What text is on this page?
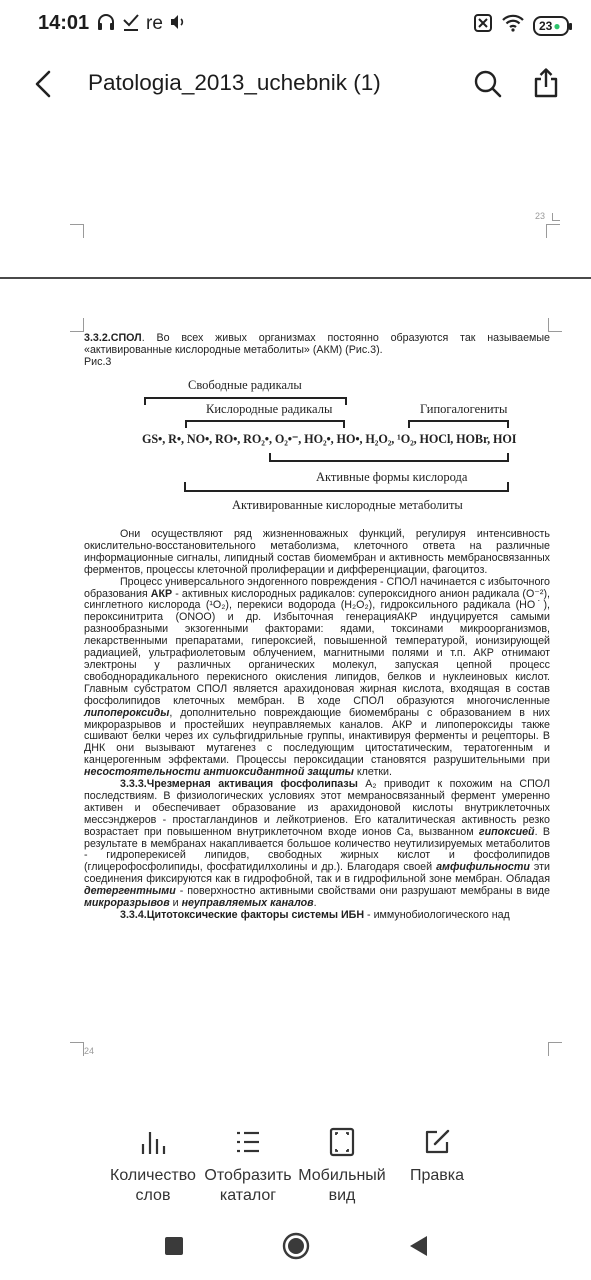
14:01	re	23 ●
Patologia_2013_uchebnik (1)
23

3.3.2.СПОЛ. Во всех живых организмах постоянно образуются так называемые «активированные кислородные метаболиты» (АКМ) (Рис.3).

Рис.3

Свободные радикалы
Кислородные радикалы	Гипогалогениты
GS•, R•, NO•, RO•, RO₂•, O₂•⁻, HO₂•, HO•, H₂O₂, ¹O₂, HOCl, HOBr, HOI
Активные формы кислорода
Активированные кислородные метаболиты

Они осуществляют ряд жизненноважных функций, регулируя интенсивность окислительно-восстановительного метаболизма, клеточного ответа на различные информационные сигналы, липидный состав биомембран и активность мембраносвязанных ферментов, процессы клеточной пролиферации и дифференциации, фагоцитоз.

Процесс универсального эндогенного повреждения - СПОЛ начинается с избыточного образования АКР - активных кислородных радикалов: супероксидного анион радикала (O⁻²), синглетного кислорода (¹O₂), перекиси водорода (H₂O₂), гидроксильного радикала (HO˙), пероксинитрита (ONOO) и др. Избыточная генерацияАКР индуцируется самыми разнообразными экзогенными факторами: ядами, токсинами микроорганизмов, лекарственными препаратами, гипероксией, повышенной температурой, ионизирующей радиацией, ультрафиолетовым облучением, магнитными полями и т.п. АКР отнимают электроны у различных органических молекул, запуская цепной процесс свободнорадикального перекисного окисления липидов, белков и нуклеиновых кислот. Главным субстратом СПОЛ является арахидоновая жирная кислота, входящая в состав фосфолипидов клеточных мембран. В ходе СПОЛ образуются многочисленные липопероксиды, дополнительно повреждающие биомембраны с образованием в них микроразрывов и простейших неуправляемых каналов. АКР и липопероксиды также сшивают белки через их сульфгидрильные группы, инактивируя ферменты и рецепторы. В ДНК они вызывают мутагенез с последующим цитостатическим, тератогенным и канцерогенным эффектами. Процессы пероксидации становятся разрушительными при несостоятельности антиоксидантной защиты клетки.

3.3.3.Чрезмерная активация фосфолипазы A₂ приводит к похожим на СПОЛ последствиям. В физиологических условиях этот мемраносвязанный фермент умеренно активен и обеспечивает образование из арахидоновой кислоты внутриклеточных мессэнджеров - простагландинов и лейкотриенов. Его каталитическая активность резко возрастает при повышенном внутриклеточном входе ионов Ca, вызванном гипоксией. В результате в мембранах накапливается большое количество неутилизируемых метаболитов - гидроперекисей липидов, свободных жирных кислот и фосфолипидов (глицерофосфолипиды, фосфатидилхолины и др.). Благодаря своей амфифильности эти соединения фиксируются как в гидрофобной, так и в гидрофильной зоне мембран. Обладая детергентными - поверхностно активными свойствами они разрушают мембраны в виде микроразрывов и неуправляемых каналов.

3.3.4.Цитотоксические факторы системы ИБН - иммунобиологического над

24
Количество слов
Отобразить каталог
Мобильный вид
Правка
